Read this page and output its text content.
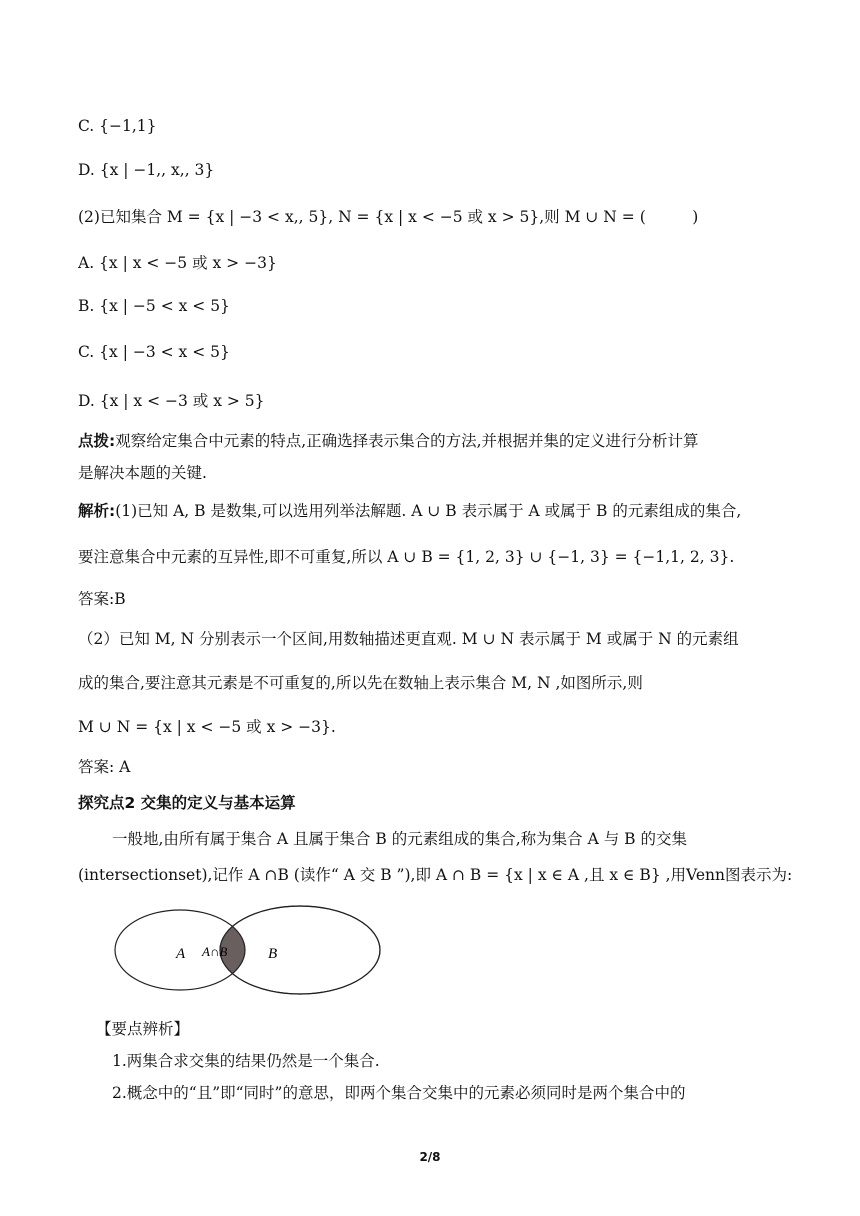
C. {−1,1}
D. {x | −1,, x,, 3}
(2)已知集合 M = {x | −3 < x,, 5}, N = {x | x < −5 或 x > 5},则 M ∪ N = (　　　)
A. {x | x < −5 或 x > −3}
B. {x | −5 < x < 5}
C. {x | −3 < x < 5}
D. {x | x < −3 或 x > 5}
点拨:观察给定集合中元素的特点,正确选择表示集合的方法,并根据并集的定义进行分析计算
是解决本题的关键.
解析:(1)已知 A, B 是数集,可以选用列举法解题. A ∪ B 表示属于 A 或属于 B 的元素组成的集合,
要注意集合中元素的互异性,即不可重复,所以 A ∪ B = {1, 2, 3} ∪ {−1, 3} = {−1,1, 2, 3}.
答案:B
（2）已知 M, N 分别表示一个区间,用数轴描述更直观. M ∪ N 表示属于 M 或属于 N 的元素组
成的集合,要注意其元素是不可重复的,所以先在数轴上表示集合 M, N ,如图所示,则
M ∪ N = {x | x < −5 或 x > −3}.
答案: A
探究点2 交集的定义与基本运算
一般地,由所有属于集合 A 且属于集合 B 的元素组成的集合,称为集合 A 与 B 的交集
(intersectionset),记作 A ∩B (读作“ A 交 B ”),即 A ∩ B = {x | x ∈ A ,且 x ∈ B} ,用Venn图表示为:
A A∩B	B
【要点辨析】
1.两集合求交集的结果仍然是一个集合.
2.概念中的“且”即“同时”的意思，即两个集合交集中的元素必须同时是两个集合中的
2/8
